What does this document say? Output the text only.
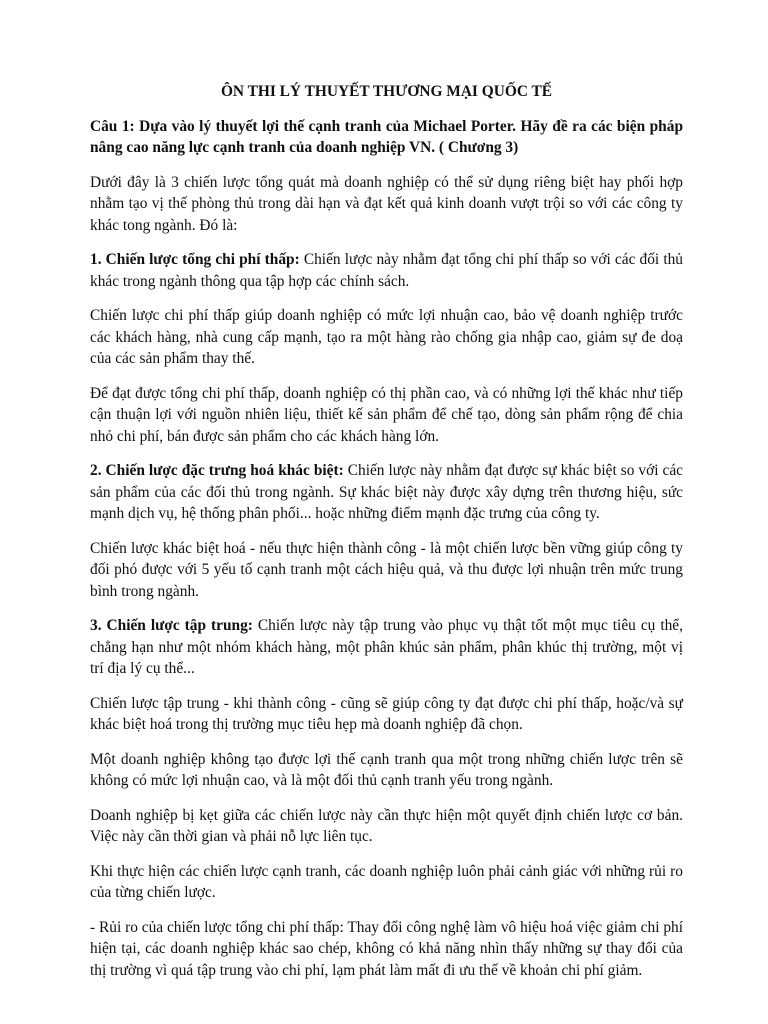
ÔN THI LÝ THUYẾT THƯƠNG MẠI QUỐC TẾ
Câu 1: Dựa vào lý thuyết lợi thế cạnh tranh của Michael Porter. Hãy đề ra các biện pháp nâng cao năng lực cạnh tranh của doanh nghiệp VN. ( Chương 3)

Dưới đây là 3 chiến lược tổng quát mà doanh nghiệp có thể sử dụng riêng biệt hay phối hợp nhằm tạo vị thế phòng thủ trong dài hạn và đạt kết quả kinh doanh vượt trội so với các công ty khác tong ngành. Đó là:

1. Chiến lược tổng chi phí thấp: Chiến lược này nhằm đạt tổng chi phí thấp so với các đối thủ khác trong ngành thông qua tập hợp các chính sách.

Chiến lược chi phí thấp giúp doanh nghiệp có mức lợi nhuận cao, bảo vệ doanh nghiệp trước các khách hàng, nhà cung cấp mạnh, tạo ra một hàng rào chống gia nhập cao, giảm sự đe doạ của các sản phẩm thay thế.

Để đạt được tổng chi phí thấp, doanh nghiệp có thị phần cao, và có những lợi thế khác như tiếp cận thuận lợi với nguồn nhiên liệu, thiết kế sản phẩm để chế tạo, dòng sản phẩm rộng để chia nhỏ chi phí, bán được sản phẩm cho các khách hàng lớn.

2. Chiến lược đặc trưng hoá khác biệt: Chiến lược này nhằm đạt được sự khác biệt so với các sản phẩm của các đối thủ trong ngành. Sự khác biệt này được xây dựng trên thương hiệu, sức mạnh dịch vụ, hệ thống phân phối... hoặc những điểm mạnh đặc trưng của công ty.

Chiến lược khác biệt hoá - nếu thực hiện thành công - là một chiến lược bền vững giúp công ty đối phó được với 5 yếu tố cạnh tranh một cách hiệu quả, và thu được lợi nhuận trên mức trung bình trong ngành.

3. Chiến lược tập trung: Chiến lược này tập trung vào phục vụ thật tốt một mục tiêu cụ thể, chẳng hạn như một nhóm khách hàng, một phân khúc sản phẩm, phân khúc thị trường, một vị trí địa lý cụ thể...

Chiến lược tập trung - khi thành công - cũng sẽ giúp công ty đạt được chi phí thấp, hoặc/và sự khác biệt hoá trong thị trường mục tiêu hẹp mà doanh nghiệp đã chọn.

Một doanh nghiệp không tạo được lợi thế cạnh tranh qua một trong những chiến lược trên sẽ không có mức lợi nhuận cao, và là một đối thủ cạnh tranh yếu trong ngành.

Doanh nghiệp bị kẹt giữa các chiến lược này cần thực hiện một quyết định chiến lược cơ bản. Việc này cần thời gian và phải nỗ lực liên tục.

Khi thực hiện các chiến lược cạnh tranh, các doanh nghiệp luôn phải cảnh giác với những rủi ro của từng chiến lược.

- Rủi ro của chiến lược tổng chi phí thấp: Thay đổi công nghệ làm vô hiệu hoá việc giảm chi phí hiện tại, các doanh nghiệp khác sao chép, không có khả năng nhìn thấy những sự thay đổi của thị trường vì quá tập trung vào chi phí, lạm phát làm mất đi ưu thế về khoản chi phí giảm.
